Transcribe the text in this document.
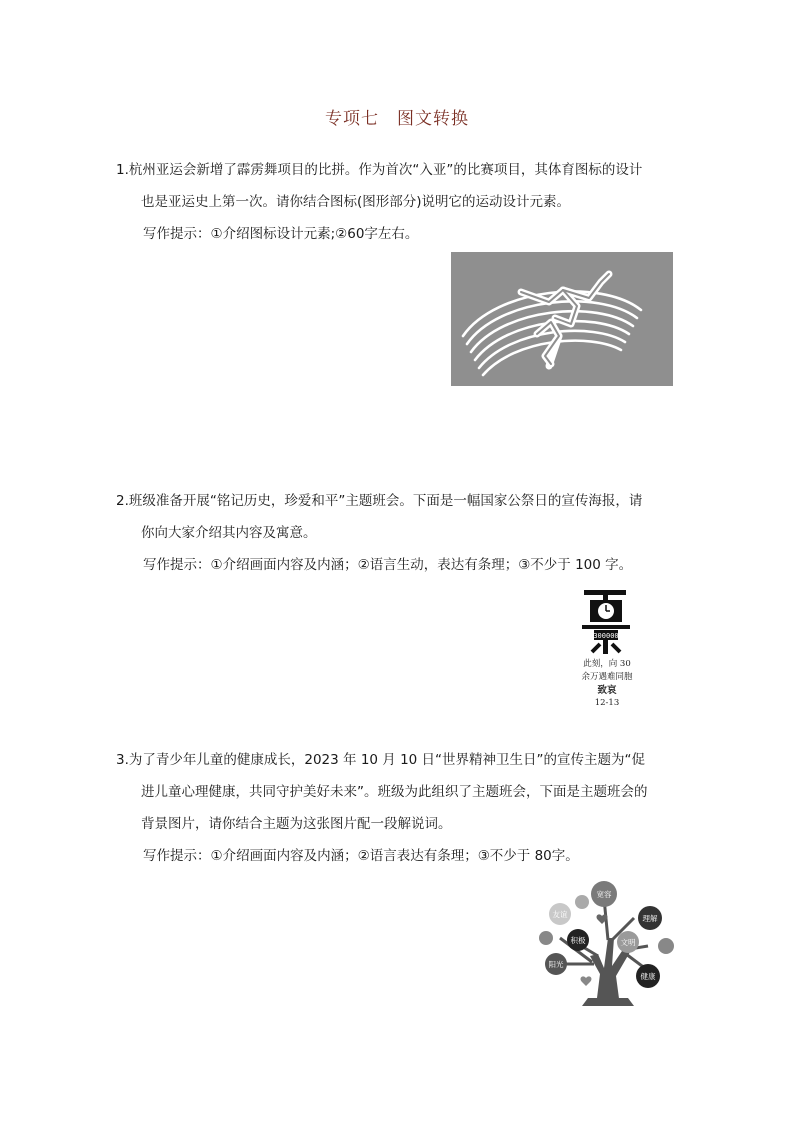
专项七　图文转换
1.杭州亚运会新增了霹雳舞项目的比拼。作为首次“入亚”的比赛项目，其体育图标的设计
也是亚运史上第一次。请你结合图标(图形部分)说明它的运动设计元素。
写作提示：①介绍图标设计元素;②60字左右。
2.班级准备开展“铭记历史，珍爱和平”主题班会。下面是一幅国家公祭日的宣传海报，请
你向大家介绍其内容及寓意。
写作提示：①介绍画面内容及内涵；②语言生动，表达有条理；③不少于 100 字。
300000
此刻，向 30
余万遇难同胞
致哀
12-13
3.为了青少年儿童的健康成长，2023 年 10 月 10 日“世界精神卫生日”的宣传主题为“促
进儿童心理健康，共同守护美好未来”。班级为此组织了主题班会，下面是主题班会的
背景图片，请你结合主题为这张图片配一段解说词。
写作提示：①介绍画面内容及内涵；②语言表达有条理；③不少于 80字。
宽容
理解
文明
健康
阳光
积极
友谊
